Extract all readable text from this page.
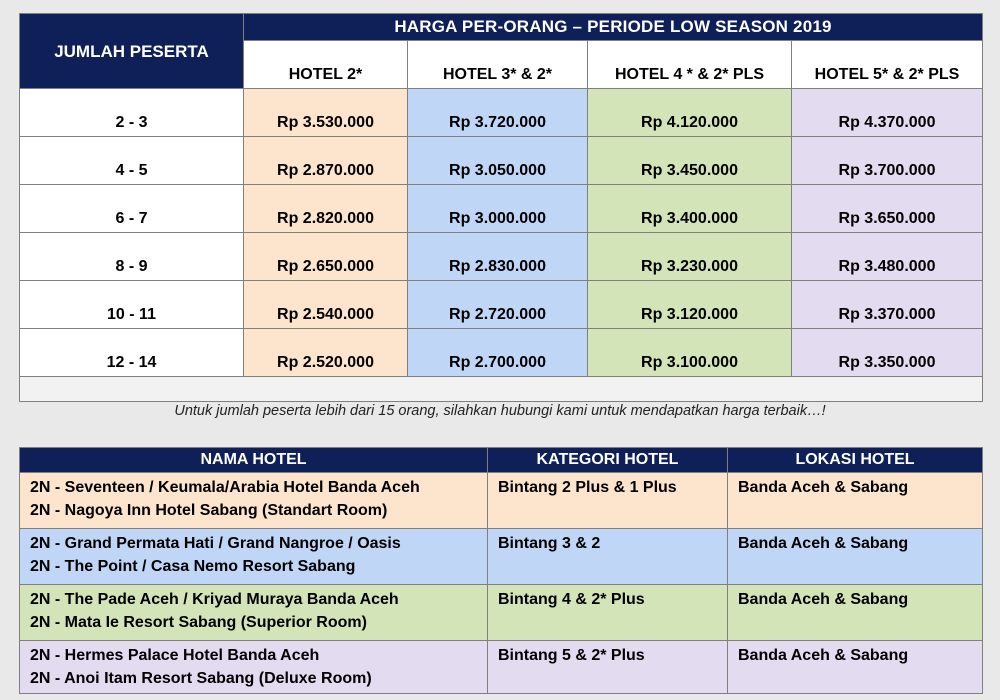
JUMLAH PESERTA	HARGA PER-ORANG – PERIODE LOW SEASON 2019			
	HOTEL 2*	HOTEL 3* & 2*	HOTEL 4 * & 2* PLS	HOTEL 5* & 2* PLS
2 - 3	Rp 3.530.000	Rp 3.720.000	Rp 4.120.000	Rp 4.370.000
4 - 5	Rp 2.870.000	Rp 3.050.000	Rp 3.450.000	Rp 3.700.000
6 - 7	Rp 2.820.000	Rp 3.000.000	Rp 3.400.000	Rp 3.650.000
8 - 9	Rp 2.650.000	Rp 2.830.000	Rp 3.230.000	Rp 3.480.000
10 - 11	Rp 2.540.000	Rp 2.720.000	Rp 3.120.000	Rp 3.370.000
12 - 14	Rp 2.520.000	Rp 2.700.000	Rp 3.100.000	Rp 3.350.000

Untuk jumlah peserta lebih dari 15 orang, silahkan hubungi kami untuk mendapatkan harga terbaik…!
NAMA HOTEL	KATEGORI HOTEL	LOKASI HOTEL

2N - Seventeen / Keumala/Arabia Hotel Banda Aceh
2N - Nagoya Inn Hotel Sabang (Standart Room)	Bintang 2 Plus & 1 Plus	Banda Aceh & Sabang

2N - Grand Permata Hati / Grand Nangroe / Oasis
2N - The Point / Casa Nemo Resort Sabang	Bintang 3 & 2	Banda Aceh & Sabang

2N - The Pade Aceh / Kriyad Muraya Banda Aceh
2N - Mata Ie Resort Sabang (Superior Room)	Bintang 4 & 2* Plus	Banda Aceh & Sabang

2N - Hermes Palace Hotel Banda Aceh
2N - Anoi Itam Resort Sabang (Deluxe Room)	Bintang 5 & 2* Plus	Banda Aceh & Sabang
